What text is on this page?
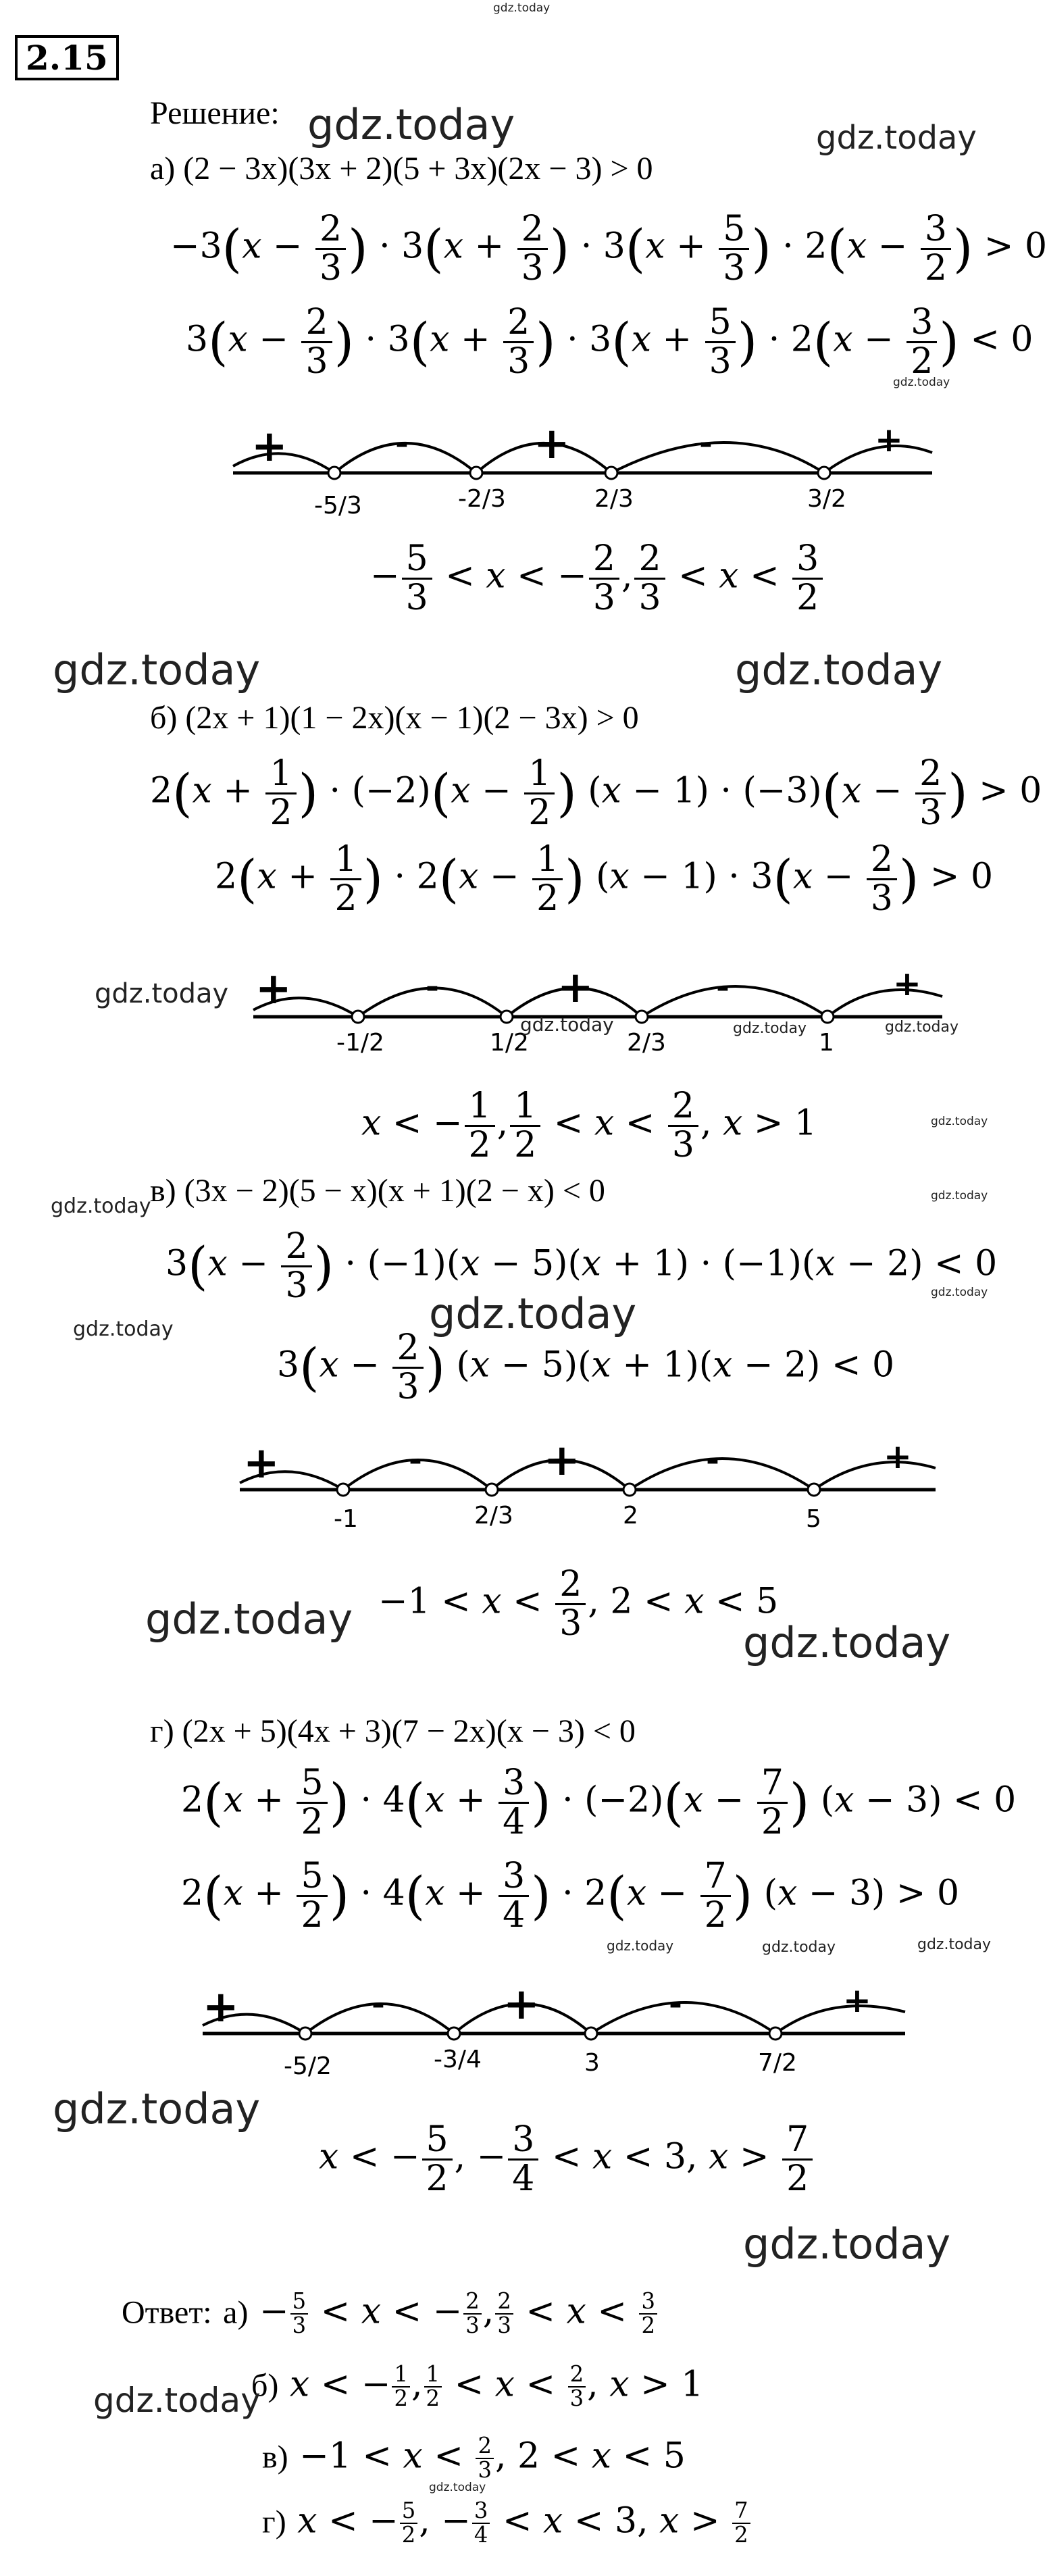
gdz.today
2.15
Решение: gdz.today	gdz.today
а) (2 − 3x)(3x + 2)(5 + 3x)(2x − 3) > 0
$-3(x - \frac{2}{3}$ ) · $3(x + \frac{2}{3}$ ) · $3(x + \frac{5}{3}$ ) · $2(x - \frac{3}{2}$ ) > 0
$3(x - \frac{2}{3}$ ) · $3(x + \frac{2}{3}$ ) · $3(x + \frac{5}{3}$ ) · $2(x - \frac{3}{2}$ ) < 0
gdz.today
+	-	+	-	+
-5/3	-2/3	2/3	3/2
− $\frac{5}{3} < x$ < − $\frac{2}{3}$ , $\frac{2}{3} < x < \frac{3}{2}$
gdz.today	gdz.today
б) (2x + 1)(1 − 2x)(x − 1)(2 − 3x) > 0
$2(x + \frac{1}{2}$ ) · $(-2)(x - \frac{1}{2}$ ) $(x - 1) \cdot (-3)(x - \frac{2}{3}$ ) > 0
$2(x + \frac{1}{2}$ ) · $2(x - \frac{1}{2}$ ) $(x - 1) \cdot 3(x - \frac{2}{3}$ ) > 0
gdz.today +	-	+	-	+
-1/2	1/2	2/3	1
gdz.today	gdz.today	gdz.today
x < − $\frac{1}{2}$ , $\frac{1}{2} < x < \frac{2}{3}$ , x > 1	gdz.today
gdz.today
в) (3x − 2)(5 − x)(x + 1)(2 − x) < 0	gdz.today
$3(x - \frac{2}{3}$ ) · (−1)(x − 5)(x + 1) · (−1)(x − 2) < 0
gdz.today
gdz.today	gdz.today
$3(x - \frac{2}{3}$ ) (x − 5)(x + 1)(x − 2) < 0
+	-	+	-	+
-1	2/3	2	5
gdz.today $-1 < x < \frac{2}{3}$ , 2 < x < 5
gdz.today
г) (2x + 5)(4x + 3)(7 − 2x)(x − 3) < 0
$2(x + \frac{5}{2}$ ) · $4(x + \frac{3}{4}$ ) · $(-2)(x - \frac{7}{2}$ ) (x − 3) < 0
$2(x + \frac{5}{2}$ ) · $4(x + \frac{3}{4}$ ) · $2(x - \frac{7}{2}$ ) (x − 3) > 0
gdz.today	gdz.today	gdz.today
+	-	+	-	+
-5/2	-3/4	3	7/2
gdz.today
x < − $\frac{5}{2}$ , − $\frac{3}{4} < x < 3$, $x > \frac{7}{2}$
gdz.today
Ответ: $а) - \frac{5}{3} < x$ < − $\frac{2}{3}$ , $\frac{2}{3} < x < \frac{3}{2}$
б) x < − $\frac{1}{2}$ , $\frac{1}{2} < x < \frac{2}{3}$ , x > 1
gdz.today
$в) -1 < x < \frac{2}{3}$ , 2 < x < 5
gdz.today
г) x < − $\frac{5}{2}$ , − $\frac{3}{4} < x < 3$, $x > \frac{7}{2}$
